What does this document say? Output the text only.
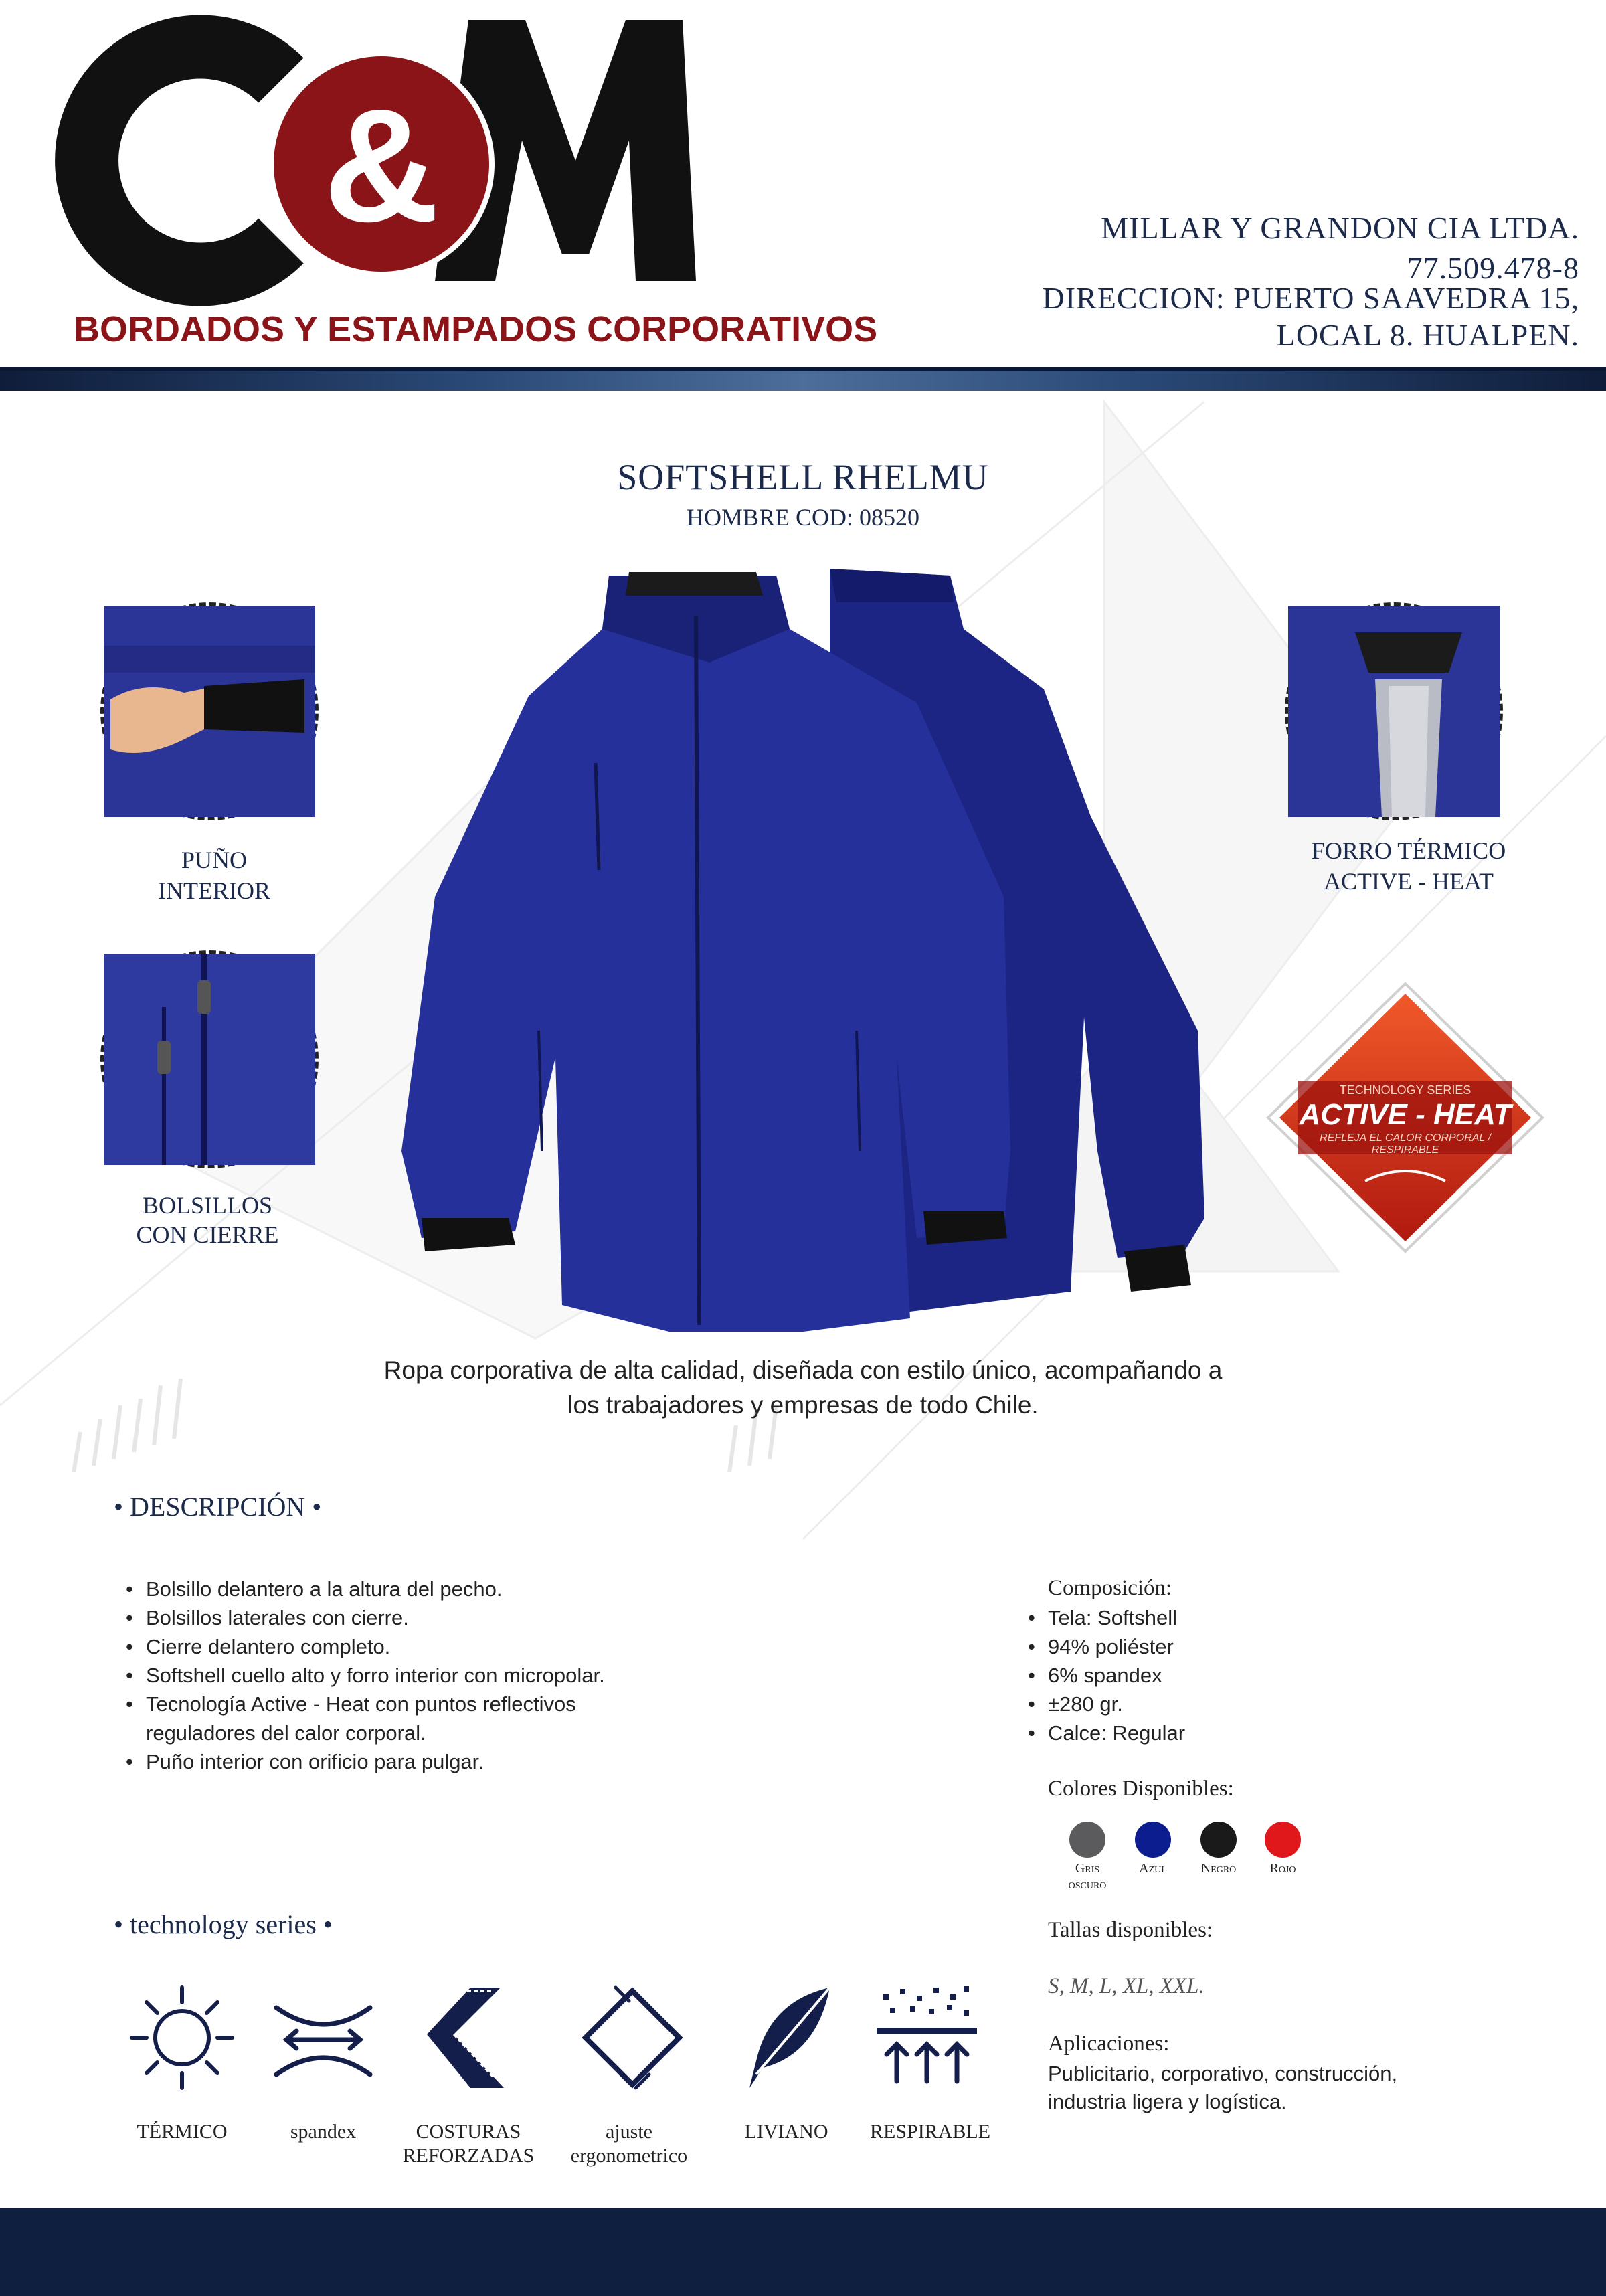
&
BORDADOS Y ESTAMPADOS CORPORATIVOS
MILLAR Y GRANDON CIA LTDA.
77.509.478-8
DIRECCION: PUERTO SAAVEDRA 15,
LOCAL 8. HUALPEN.
SOFTSHELL RHELMU
HOMBRE COD: 08520
PUÑO
INTERIOR
BOLSILLOS
CON CIERRE
FORRO TÉRMICO
ACTIVE - HEAT
TECHNOLOGY SERIES
ACTIVE - HEAT
REFLEJA EL CALOR CORPORAL /
RESPIRABLE
Ropa corporativa de alta calidad, diseñada con estilo único, acompañando a
los trabajadores y empresas de todo Chile.
• DESCRIPCIÓN •
• Bolsillo delantero a la altura del pecho.
• Bolsillos laterales con cierre.
• Cierre delantero completo.
• Softshell cuello alto y forro interior con micropolar.
• Tecnología Active - Heat con puntos reflectivos
reguladores del calor corporal.
• Puño interior con orificio para pulgar.
Composición:
• Tela: Softshell
• 94% poliéster
• 6% spandex
• ±280 gr.
• Calce: Regular
Colores Disponibles:
Gris
oscuro
Azul	Negro	Rojo
Tallas disponibles:
S, M, L, XL, XXL.
Aplicaciones:
Publicitario, corporativo, construcción,
industria ligera y logística.
• technology series •
TÉRMICO	spandex	COSTURAS
REFORZADAS
ajuste
ergonometrico
LIVIANO	RESPIRABLE
